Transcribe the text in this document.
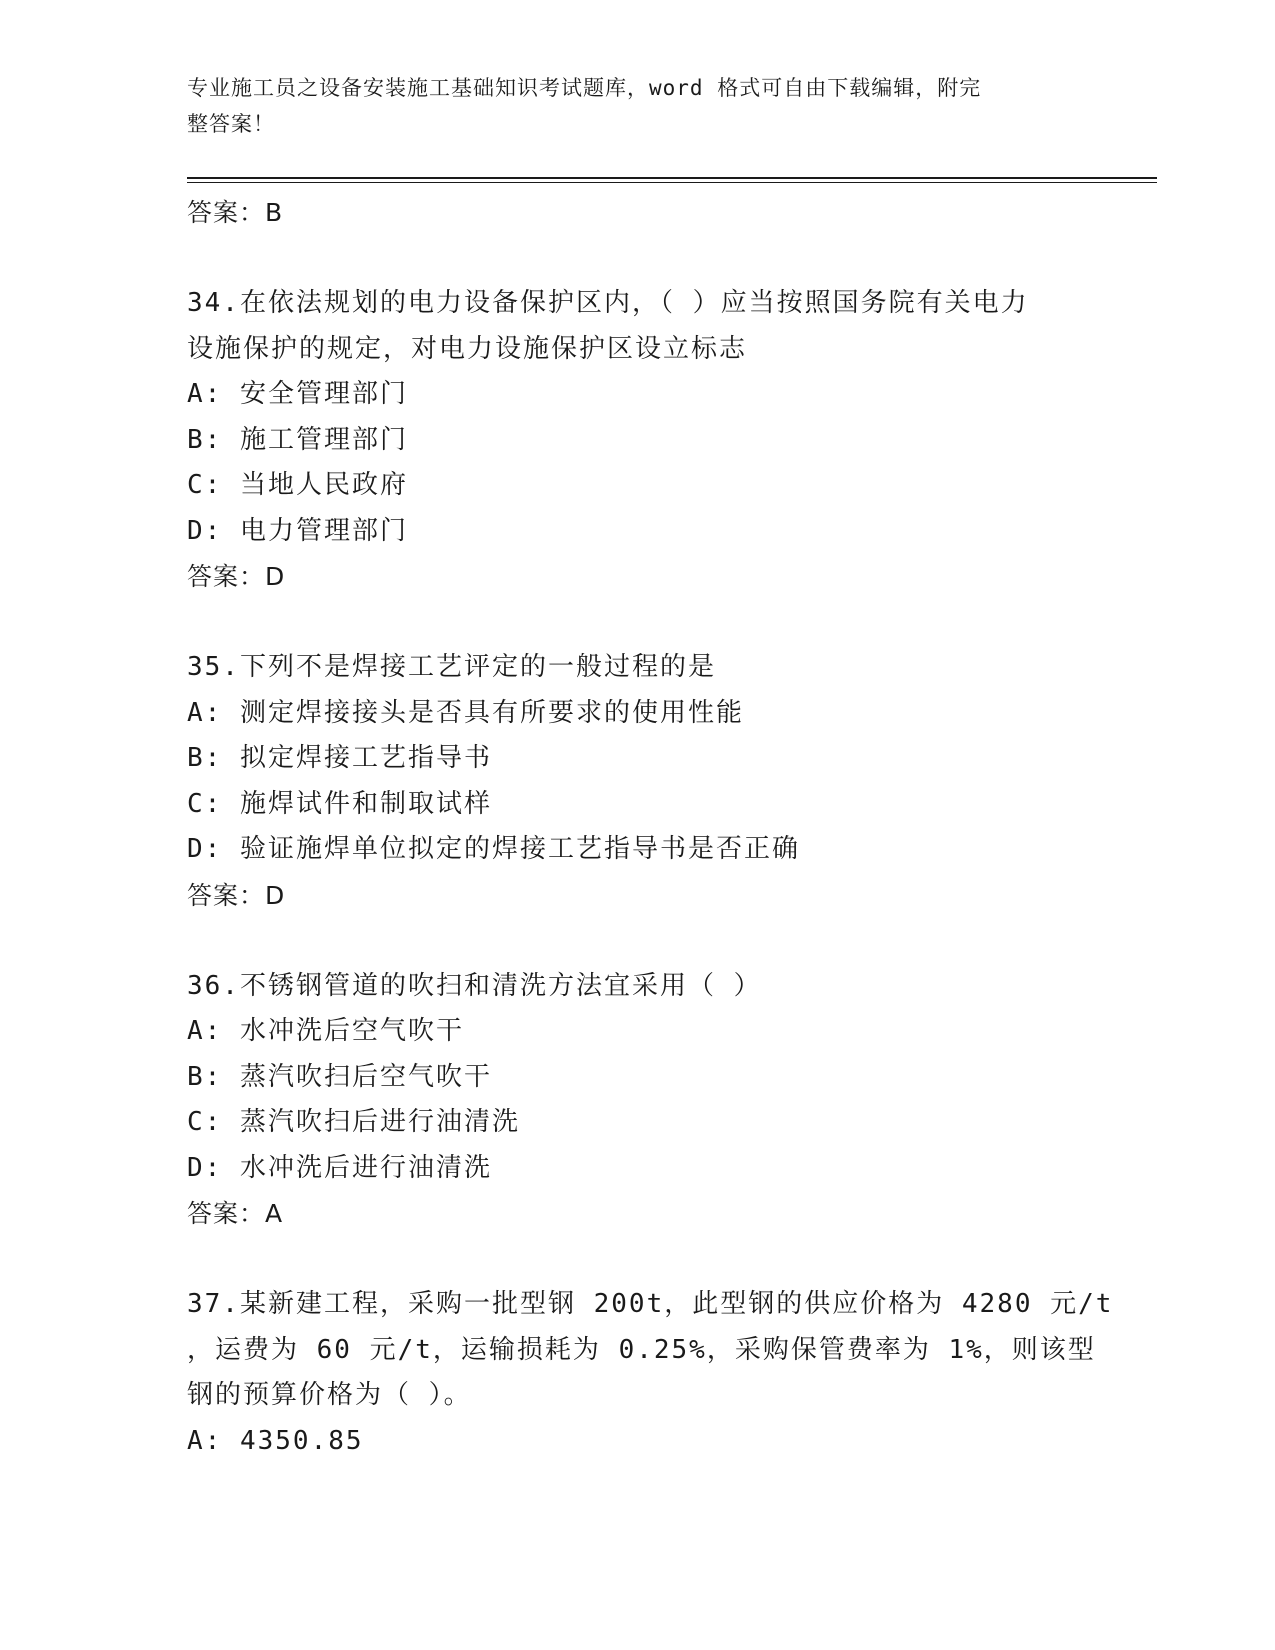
专业施工员之设备安装施工基础知识考试题库，word 格式可自由下载编辑，附完
整答案！
答案：B
34.在依法规划的电力设备保护区内，（ ）应当按照国务院有关电力
设施保护的规定，对电力设施保护区设立标志
A: 安全管理部门
B: 施工管理部门
C: 当地人民政府
D: 电力管理部门
答案：D
35.下列不是焊接工艺评定的一般过程的是
A: 测定焊接接头是否具有所要求的使用性能
B: 拟定焊接工艺指导书
C: 施焊试件和制取试样
D: 验证施焊单位拟定的焊接工艺指导书是否正确
答案：D
36.不锈钢管道的吹扫和清洗方法宜采用（ ）
A: 水冲洗后空气吹干
B: 蒸汽吹扫后空气吹干
C: 蒸汽吹扫后进行油清洗
D: 水冲洗后进行油清洗
答案：A
37.某新建工程，采购一批型钢 200t，此型钢的供应价格为 4280 元/t
，运费为 60 元/t，运输损耗为 0.25%，采购保管费率为 1%，则该型
钢的预算价格为（ ）。
A: 4350.85
